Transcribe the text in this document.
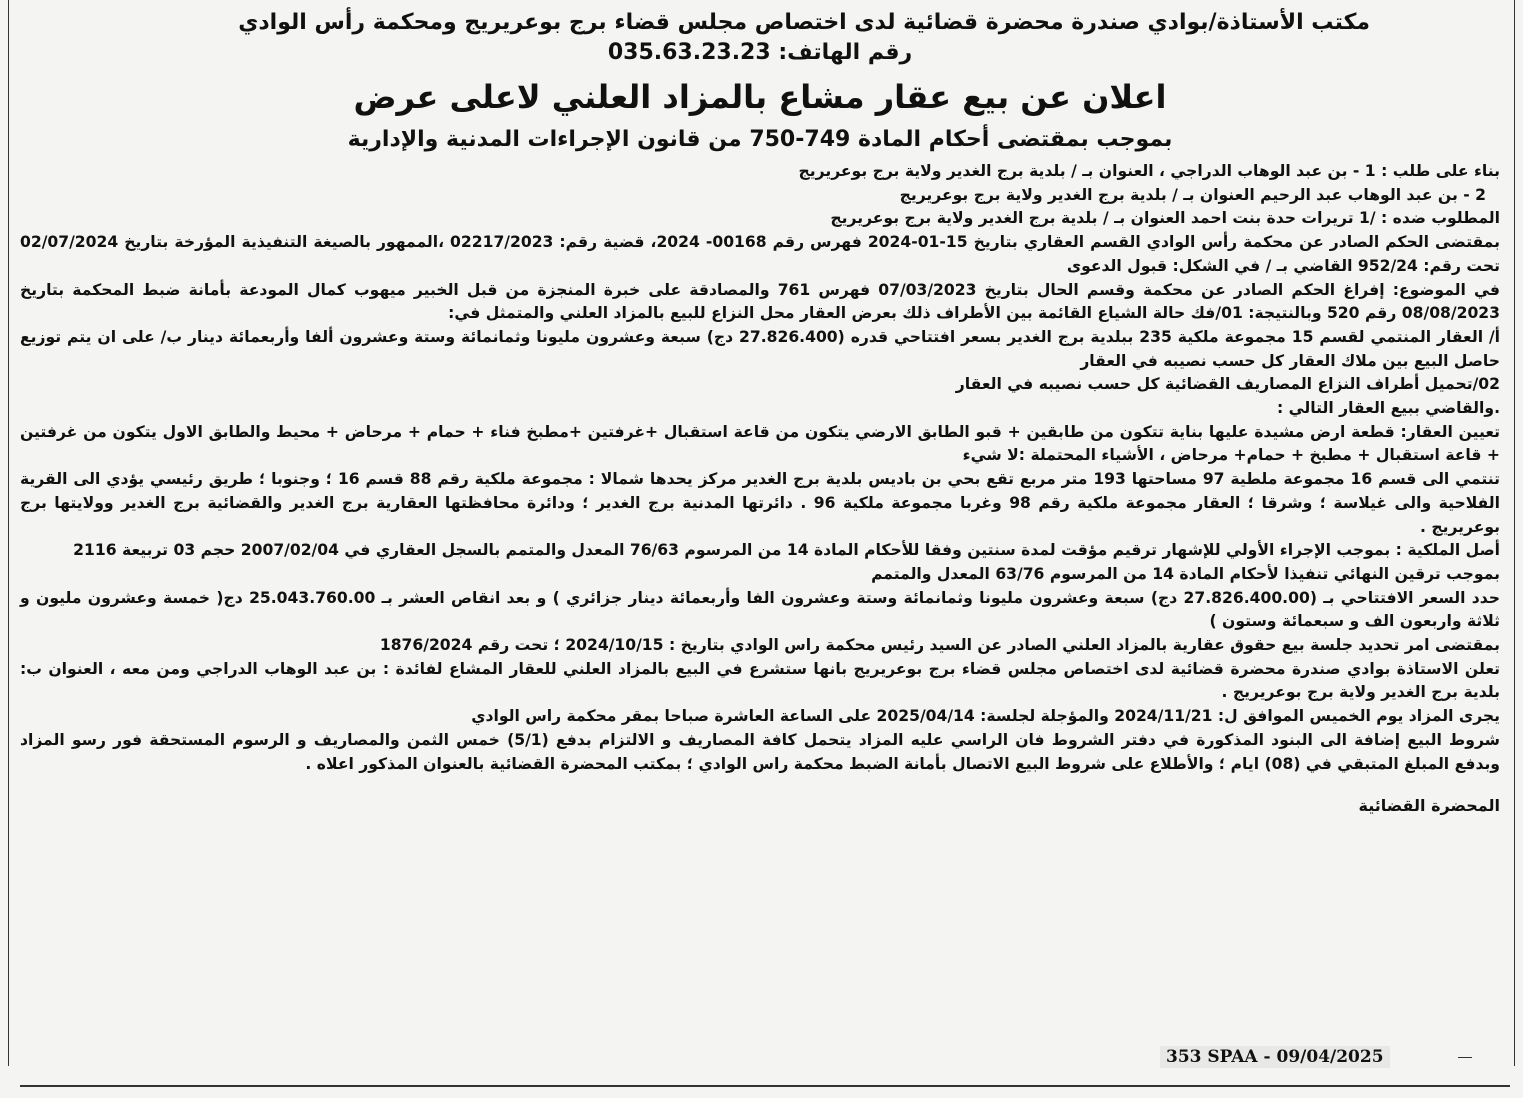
مكتب الأستاذة/بوادي صندرة محضرة قضائية لدى اختصاص مجلس قضاء برج بوعريريج ومحكمة رأس الوادي
رقم الهاتف: 035.63.23.23
اعلان عن بيع عقار مشاع بالمزاد العلني لاعلى عرض
بموجب بمقتضى أحكام المادة 749-750 من قانون الإجراءات المدنية والإدارية

بناء على طلب : 1 - بن عبد الوهاب الدراجي ، العنوان بـ / بلدية برج الغدير ولاية برج بوعريريج

2 - بن عبد الوهاب عبد الرحيم العنوان بـ / بلدية برج الغدير ولاية برج بوعريريج

المطلوب ضده : /1 تريرات حدة بنت احمد العنوان بـ / بلدية برج الغدير ولاية برج بوعريريج

بمقتضى الحكم الصادر عن محكمة رأس الوادي القسم العقاري بتاريخ 15-01-2024 فهرس رقم 00168- 2024، قضية رقم: 02217/2023 ،الممهور بالصيغة التنفيذية المؤرخة بتاريخ 02/07/2024 تحت رقم: 952/24 القاضي بـ / في الشكل: قبول الدعوى

في الموضوع: إفراغ الحكم الصادر عن محكمة وقسم الحال بتاريخ 07/03/2023 فهرس 761 والمصادقة على خبرة المنجزة من قبل الخبير ميهوب كمال المودعة بأمانة ضبط المحكمة بتاريخ 08/08/2023 رقم 520 وبالنتيجة: 01/فك حالة الشياع القائمة بين الأطراف ذلك بعرض العقار محل النزاع للبيع بالمزاد العلني والمتمثل في:

أ/ العقار المنتمي لقسم 15 مجموعة ملكية 235 ببلدية برج الغدير بسعر افتتاحي قدره (27.826.400 دج) سبعة وعشرون مليونا وثمانمائة وستة وعشرون ألفا وأربعمائة دينار ب/ على ان يتم توزيع حاصل البيع بين ملاك العقار كل حسب نصيبه في العقار

02/تحميل أطراف النزاع المصاريف القضائية كل حسب نصيبه في العقار

.والقاضي ببيع العقار التالي :

تعيين العقار: قطعة ارض مشيدة عليها بناية تتكون من طابقين + قبو الطابق الارضي يتكون من قاعة استقبال +غرفتين +مطبخ فناء + حمام + مرحاض + محيط والطابق الاول يتكون من غرفتين + قاعة استقبال + مطبخ + حمام+ مرحاض ، الأشياء المحتملة :لا شيء

تنتمي الى قسم 16 مجموعة ملطية 97 مساحتها 193 متر مربع تقع بحي بن باديس بلدية برج الغدير مركز يحدها شمالا : مجموعة ملكية رقم 88 قسم 16 ؛ وجنوبا ؛ طريق رئيسي يؤدي الى القرية الفلاحية والى غيلاسة ؛ وشرقا ؛ العقار مجموعة ملكية رقم 98 وغربا مجموعة ملكية 96 . دائرتها المدنية برج الغدير ؛ ودائرة محافظتها العقارية برج الغدير والقضائية برج الغدير وولايتها برج بوعريريج .

أصل الملكية : بموجب الإجراء الأولي للإشهار ترقيم مؤقت لمدة سنتين وفقا للأحكام المادة 14 من المرسوم 76/63 المعدل والمتمم بالسجل العقاري في 2007/02/04 حجم 03 تربيعة 2116

بموجب ترقين النهائي تنفيذا لأحكام المادة 14 من المرسوم 63/76 المعدل والمتمم

حدد السعر الافتتاحي بـ (27.826.400.00 دج) سبعة وعشرون مليونا وثمانمائة وستة وعشرون الفا وأربعمائة دينار جزائري ) و بعد انقاص العشر بـ 25.043.760.00 دج( خمسة وعشرون مليون و ثلاثة واربعون الف و سبعمائة وستون )

بمقتضى امر تحديد جلسة بيع حقوق عقارية بالمزاد العلني الصادر عن السيد رئيس محكمة راس الوادي بتاريخ : 2024/10/15 ؛ تحت رقم 1876/2024

تعلن الاستاذة بوادي صندرة محضرة قضائية لدى اختصاص مجلس قضاء برج بوعريريج بانها ستشرع في البيع بالمزاد العلني للعقار المشاع لفائدة : بن عبد الوهاب الدراجي ومن معه ، العنوان ب: بلدية برج الغدير ولاية برج بوعريريج .

يجرى المزاد يوم الخميس الموافق ل: 2024/11/21 والمؤجلة لجلسة: 2025/04/14 على الساعة العاشرة صباحا بمقر محكمة راس الوادي

شروط البيع إضافة الى البنود المذكورة في دفتر الشروط فان الراسي عليه المزاد يتحمل كافة المصاريف و الالتزام بدفع (5/1) خمس الثمن والمصاريف و الرسوم المستحقة فور رسو المزاد وبدفع المبلغ المتبقي في (08) ايام ؛ والأطلاع على شروط البيع الاتصال بأمانة الضبط محكمة راس الوادي ؛ بمكتب المحضرة القضائية بالعنوان المذكور اعلاه .

المحضرة القضائية
353 SPAA - 09/04/2025
